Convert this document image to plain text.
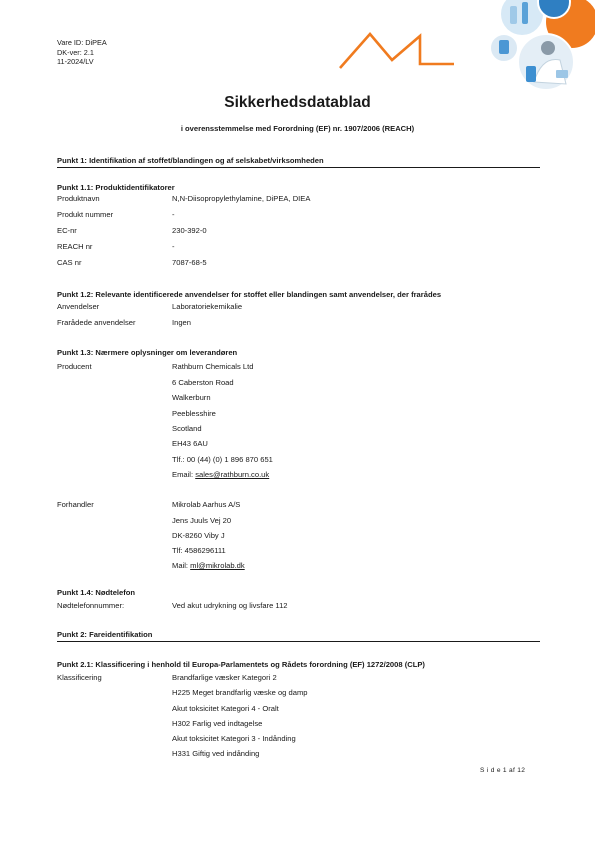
Vare ID: DiPEA
DK-ver: 2.1
11-2024/LV
Sikkerhedsdatablad
i overensstemmelse med Forordning (EF) nr. 1907/2006 (REACH)
Punkt 1: Identifikation af stoffet/blandingen og af selskabet/virksomheden
Punkt 1.1: Produktidentifikatorer
Produktnavn	N,N-Diisopropylethylamine, DiPEA, DIEA
Produkt nummer	-
EC-nr	230-392-0
REACH nr	-
CAS nr	7087-68-5
Punkt 1.2: Relevante identificerede anvendelser for stoffet eller blandingen samt anvendelser, der frarådes
Anvendelser	Laboratoriekemikalie
Frarådede anvendelser	Ingen
Punkt 1.3: Nærmere oplysninger om leverandøren
Producent	Rathburn Chemicals Ltd
6 Caberston Road
Walkerburn
Peeblesshire
Scotland
EH43 6AU
Tlf.: 00 (44) (0) 1 896 870 651
Email: sales@rathburn.co.uk
Forhandler	Mikrolab Aarhus A/S
Jens Juuls Vej 20
DK-8260 Viby J
Tlf: 4586296111
Mail: ml@mikrolab.dk
Punkt 1.4: Nødtelefon
Nødtelefonnummer:	Ved akut udrykning og livsfare 112
Punkt 2: Fareidentifikation
Punkt 2.1: Klassificering i henhold til Europa-Parlamentets og Rådets forordning (EF) 1272/2008 (CLP)
Klassificering	Brandfarlige væsker Kategori 2
H225 Meget brandfarlig væske og damp
Akut toksicitet Kategori 4 - Oralt
H302 Farlig ved indtagelse
Akut toksicitet Kategori 3 - Indånding
H331 Giftig ved indånding
S i d e 1 af 12
